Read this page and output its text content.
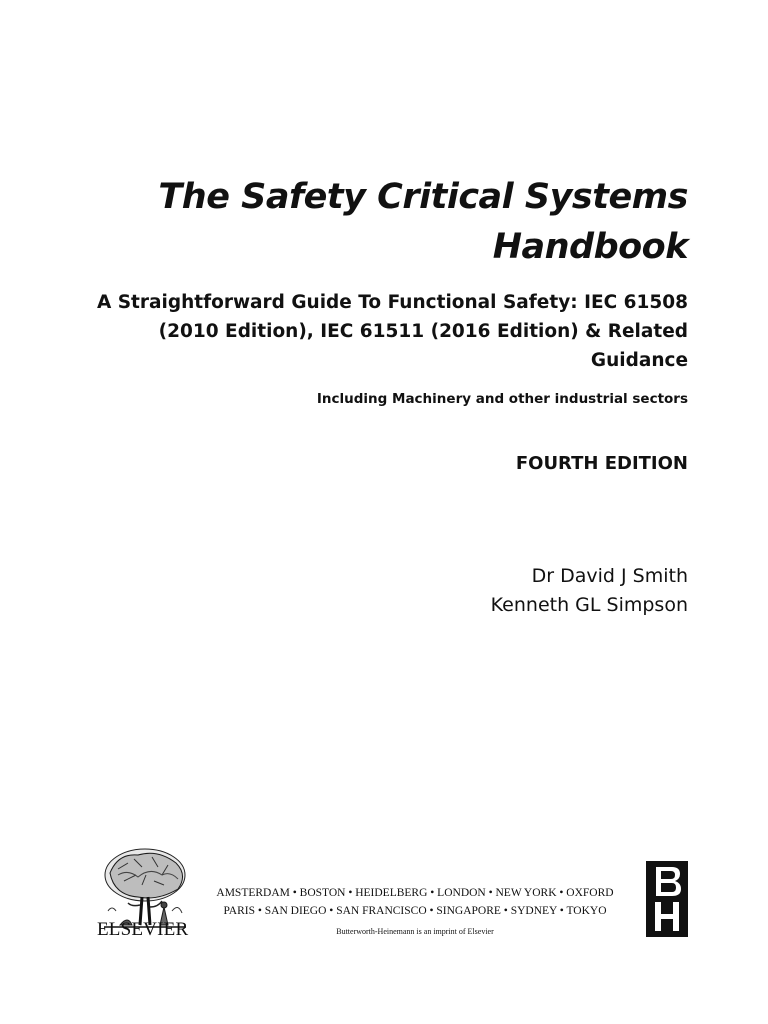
The Safety Critical Systems
Handbook
A Straightforward Guide To Functional Safety: IEC 61508
(2010 Edition), IEC 61511 (2016 Edition) & Related
Guidance
Including Machinery and other industrial sectors
FOURTH EDITION
Dr David J Smith
Kenneth GL Simpson
ELSEVIER
AMSTERDAM • BOSTON • HEIDELBERG • LONDON • NEW YORK • OXFORD
PARIS • SAN DIEGO • SAN FRANCISCO • SINGAPORE • SYDNEY • TOKYO
Butterworth-Heinemann is an imprint of Elsevier
